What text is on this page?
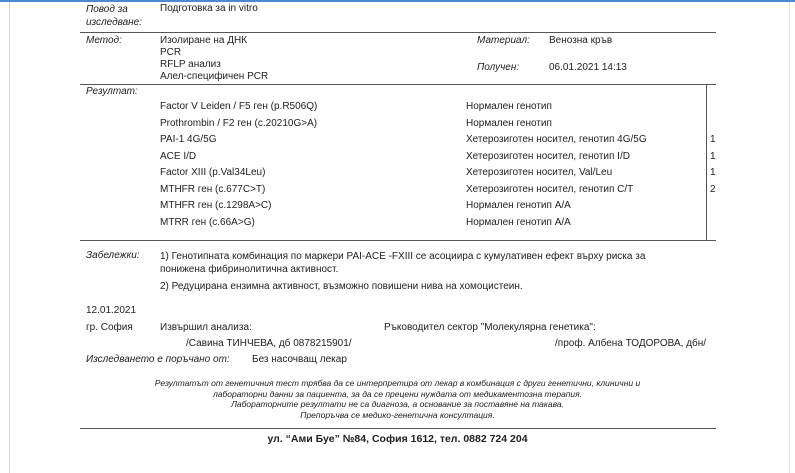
Повод за изследване:
Подготовка за in vitro
Метод:	Изолиране на ДНК
PCR
RFLP анализ
Алел-специфичен PCR
Материал: Венозна кръв
Получен:	06.01.2021 14:13
Резултат:
Factor V Leiden / F5 ген (p.R506Q)	Нормален генотип
Prothrombin / F2 ген (c.20210G>A)	Нормален генотип
PAI-1 4G/5G	Хетерозиготен носител, генотип 4G/5G	1
ACE I/D	Хетерозиготен носител, генотип I/D	1
Factor XIII (p.Val34Leu)	Хетерозиготен носител, Val/Leu	1
MTHFR ген (c.677C>T)	Хетерозиготен носител, генотип C/T	2
MTHFR ген (c.1298A>C)	Нормален генотип A/A
MTRR ген (c.66A>G)	Нормален генотип A/A
Забележки: 1) Генотипната комбинация по маркери PAI-ACE -FXIII се асоциира с кумулативен ефект върху риска за
понижена фибринолитична активност.
2) Редуцирана ензимна активност, възможно повишени нива на хомоцистеин.
12.01.2021
гр. София	Извършил анализа:
/Савина ТИНЧЕВА, дб 0878215901/
Ръководител сектор "Молекулярна генетика":
/проф. Албена ТОДОРОВА, дбн/
Изследването е поръчано от: Без насочващ лекар
Резултатът от генетичния тест трябва да се интерпретира от лекар в комбинация с други генетични, клинични и
лабораторни данни за пациента, за да се прецени нуждата от медикаментозна терапия.
Лабораторните резултати не са диагноза, а основание за поставяне на такава.
Препоръчва се медико-генетична консултация.
ул. “Ами Буе” №84, София 1612, тел. 0882 724 204
